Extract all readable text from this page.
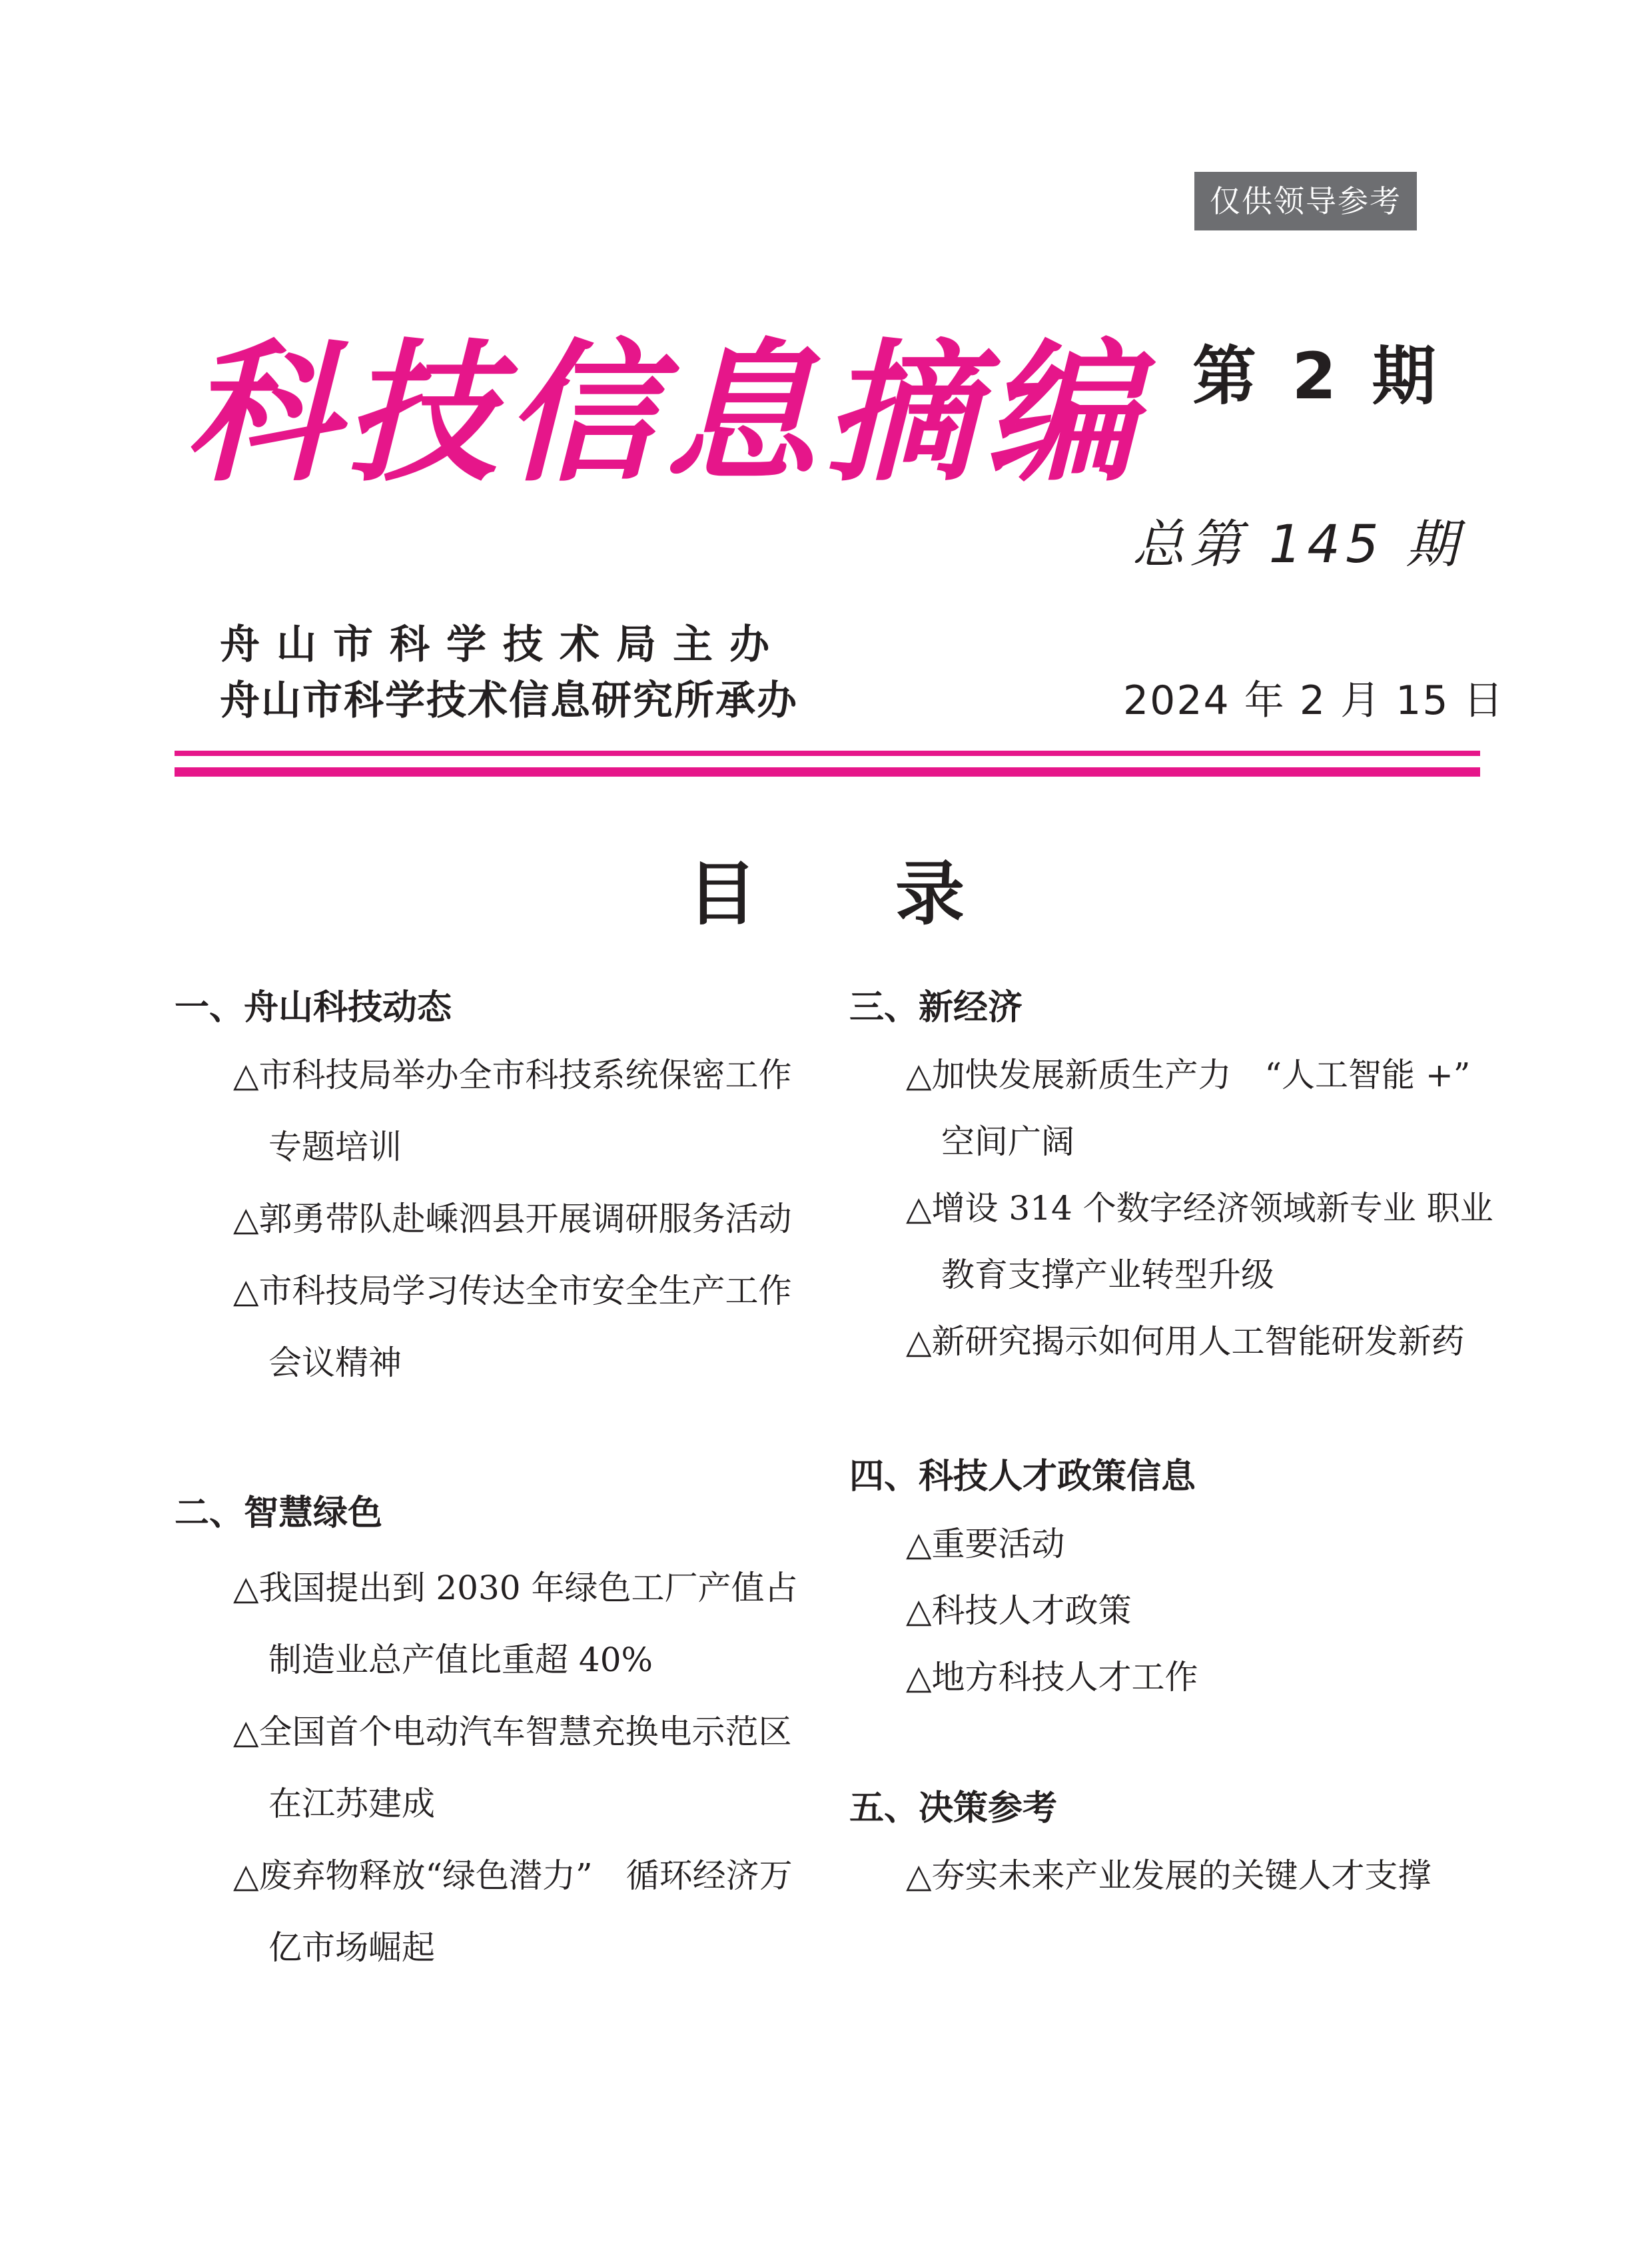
仅供领导参考
科技信息摘编 第 2 期
总第 145 期
舟山市科学技术局主办
舟山市科学技术信息研究所承办	2024 年 2 月 15 日
目　　录
一、舟山科技动态
△市科技局举办全市科技系统保密工作
专题培训
△郭勇带队赴嵊泗县开展调研服务活动
△市科技局学习传达全市安全生产工作
会议精神
二、智慧绿色
△我国提出到 2030 年绿色工厂产值占
制造业总产值比重超 40%
△全国首个电动汽车智慧充换电示范区
在江苏建成
△废弃物释放“绿色潜力”　循环经济万
亿市场崛起
三、新经济
△加快发展新质生产力　“人工智能 +”
空间广阔
△增设 314 个数字经济领域新专业 职业
教育支撑产业转型升级
△新研究揭示如何用人工智能研发新药
四、科技人才政策信息
△重要活动
△科技人才政策
△地方科技人才工作
五、决策参考
△夯实未来产业发展的关键人才支撑
